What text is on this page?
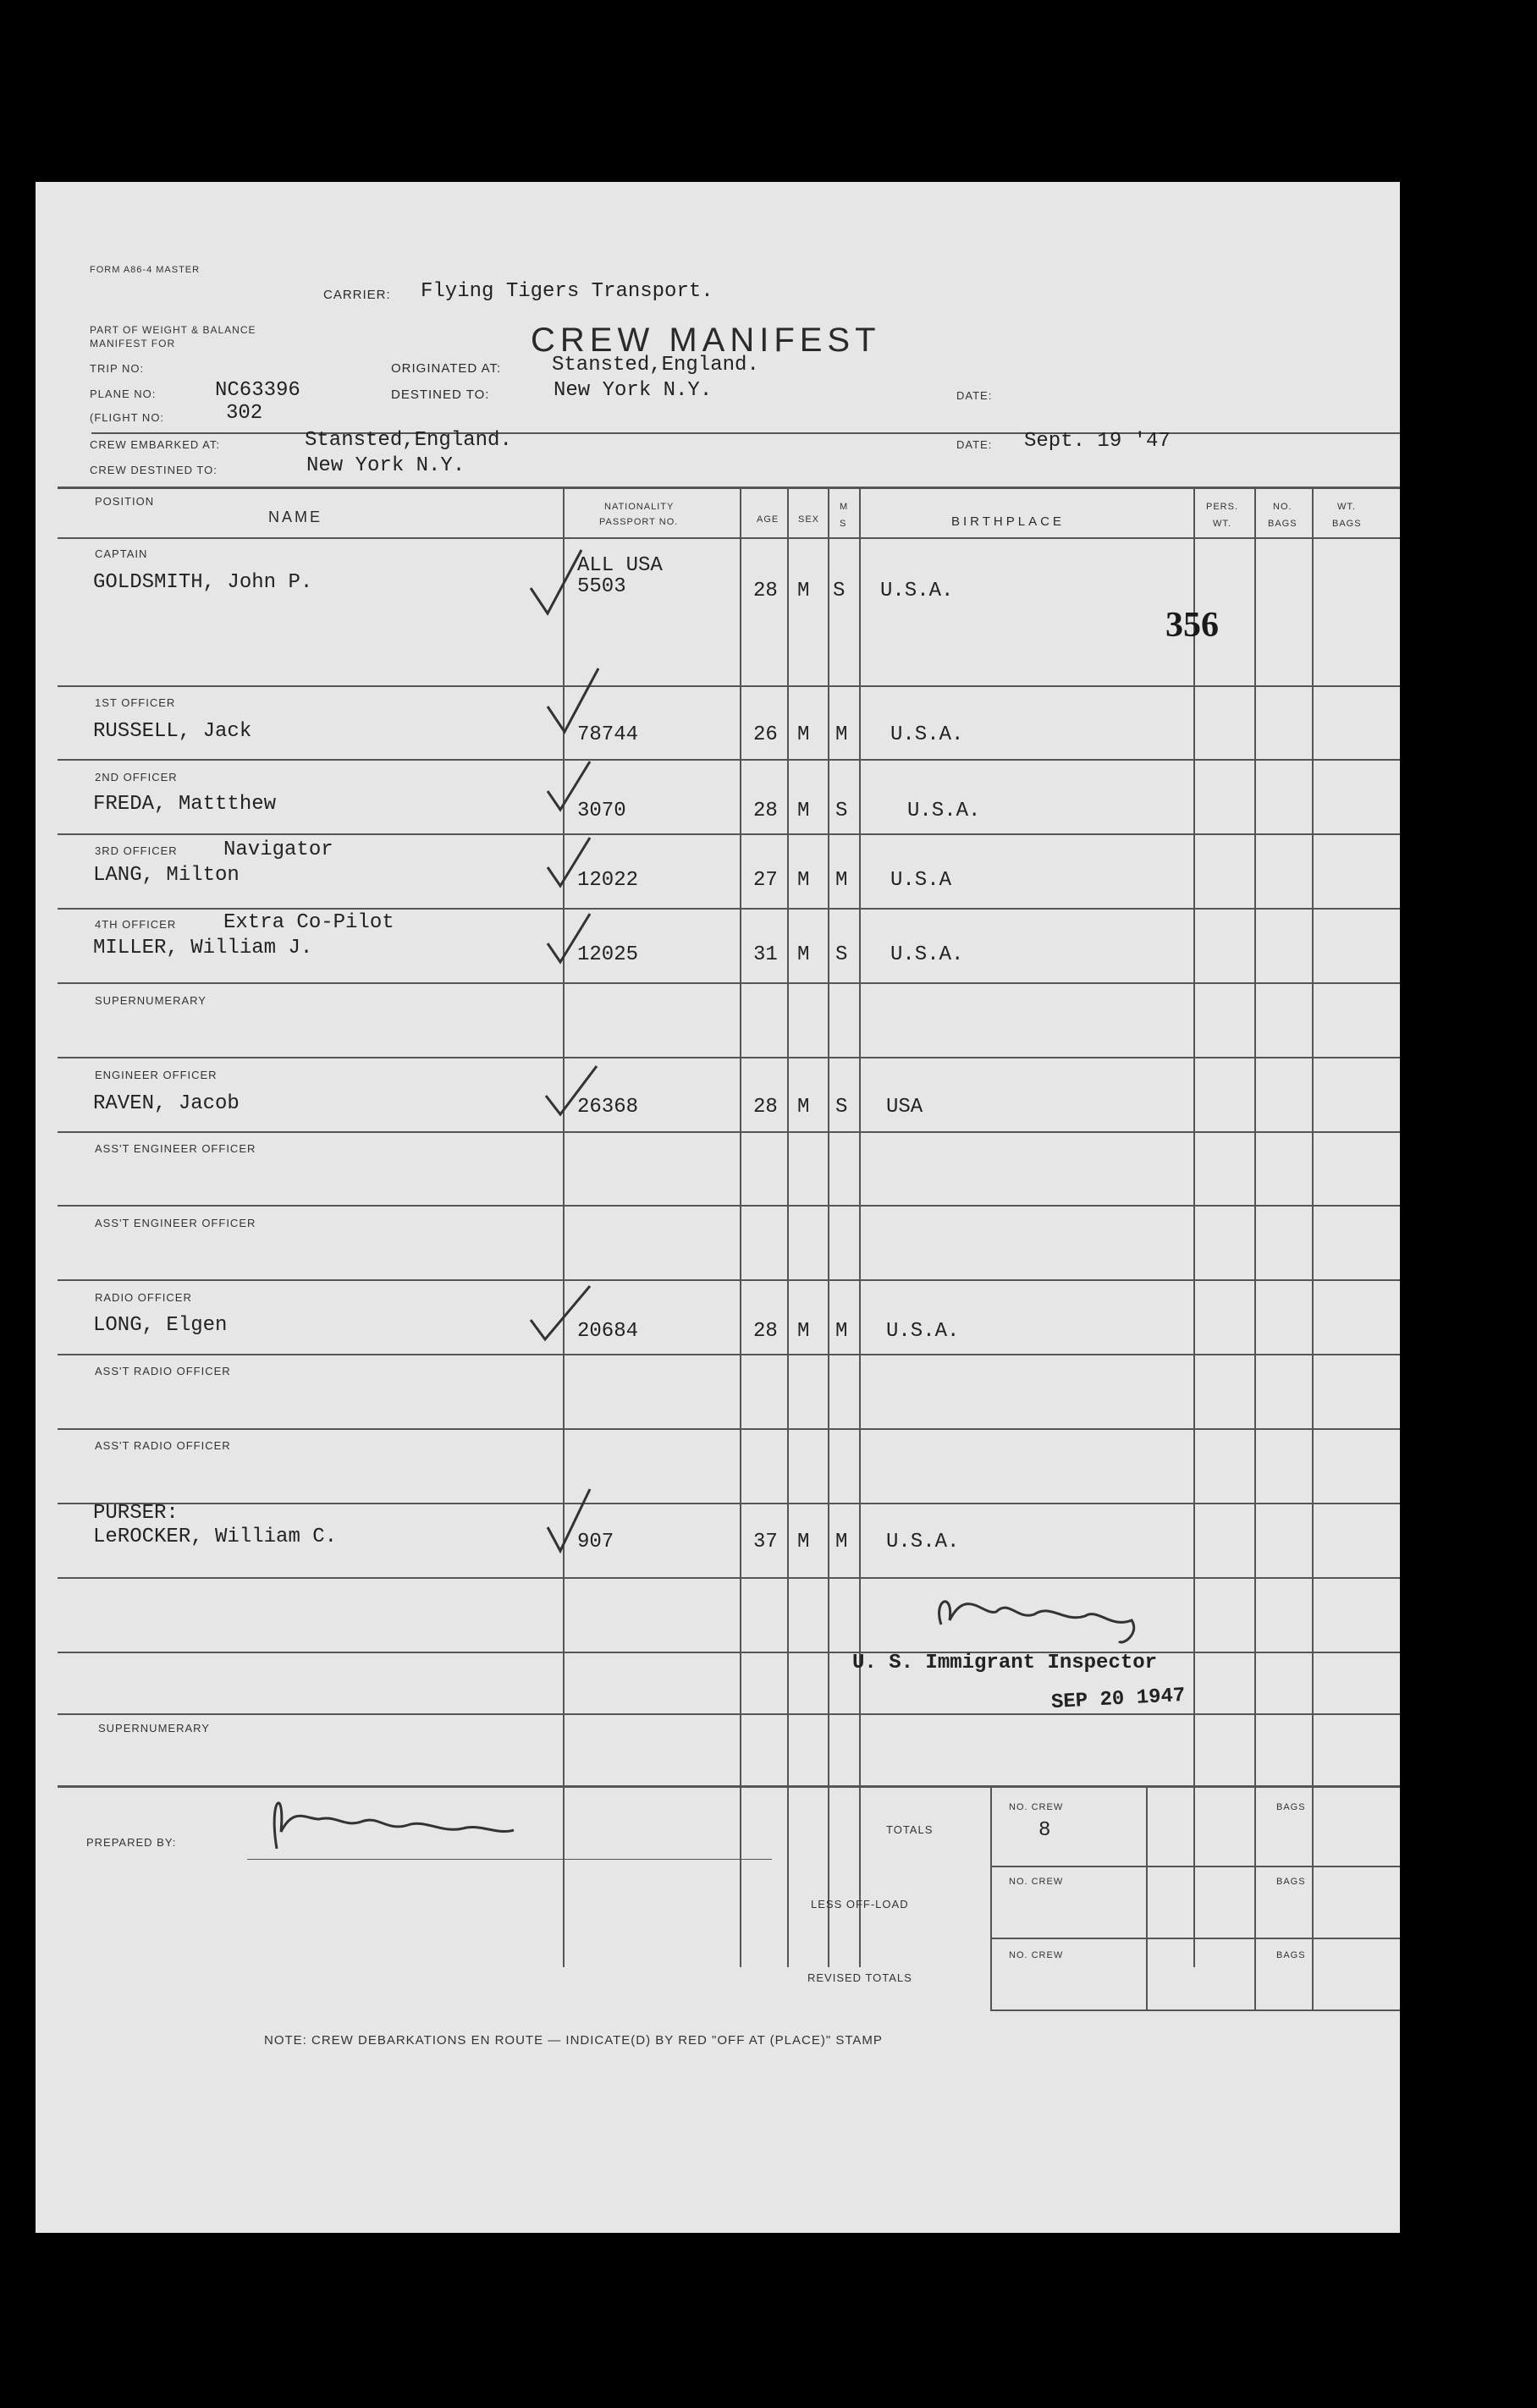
FORM A86-4 MASTER
CARRIER: Flying Tigers Transport.
PART OF WEIGHT & BALANCE
MANIFEST FOR	CREW MANIFEST
TRIP NO:	ORIGINATED AT: Stansted,England.
PLANE NO:	NC63396	DESTINED TO:	New York N.Y.	DATE:
(FLIGHT NO:	302
CREW EMBARKED AT:	Stansted,England.	DATE: Sept. 19 '47
CREW DESTINED TO:	New York N.Y.
POSITION
NAME
NATIONALITY
PASSPORT NO.	AGE SEX
M
S	BIRTHPLACE
PERS.
WT.
NO.
BAGS
WT.
BAGS
CAPTAIN
GOLDSMITH, John P.
ALL USA
5503	28 M S U.S.A.
356
1ST OFFICER
RUSSELL, Jack	78744	26 M M U.S.A.
2ND OFFICER
FREDA, Mattthew	3070	28 M S	U.S.A.
3RD OFFICER Navigator
LANG, Milton	12022	27 M M U.S.A
4TH OFFICER Extra Co-Pilot
MILLER, William J.	12025	31 M S U.S.A.
SUPERNUMERARY
ENGINEER OFFICER
RAVEN, Jacob	26368	28 M S USA
ASS'T ENGINEER OFFICER
ASS'T ENGINEER OFFICER
RADIO OFFICER
LONG, Elgen	20684	28 M M U.S.A.
ASS'T RADIO OFFICER
ASS'T RADIO OFFICER
PURSER:
LeROCKER, William C.	907	37 M M U.S.A.
SUPERNUMERARY
U. S. Immigrant Inspector
SEP 20 1947
PREPARED BY:
TOTALS
LESS OFF-LOAD
REVISED TOTALS
NO. CREW
8
BAGS
NO. CREW	BAGS
NO. CREW	BAGS
NOTE: CREW DEBARKATIONS EN ROUTE — INDICATE(D) BY RED "OFF AT (PLACE)" STAMP
